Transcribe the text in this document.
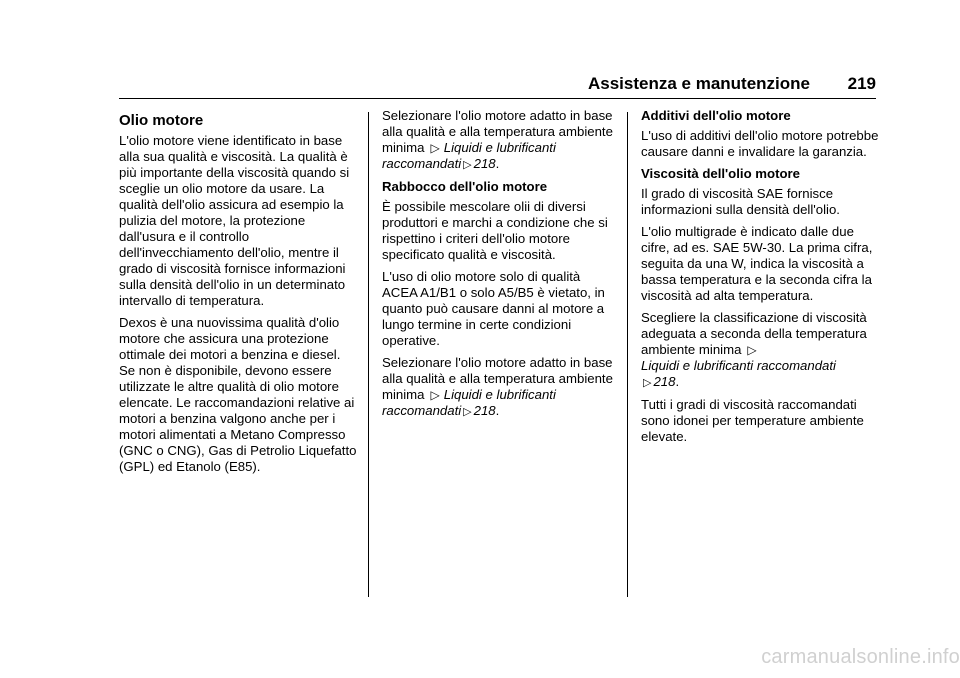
Assistenza e manutenzione 219
Olio motore

L'olio motore viene identificato in base alla sua qualità e viscosità. La qualità è più importante della viscosità quando si sceglie un olio motore da usare. La qualità dell'olio assicura ad esempio la pulizia del motore, la protezione dall'usura e il controllo dell'invecchiamento dell'olio, mentre il grado di viscosità fornisce informazioni sulla densità dell'olio in un determinato intervallo di temperatura.

Dexos è una nuovissima qualità d'olio motore che assicura una protezione ottimale dei motori a benzina e diesel. Se non è disponibile, devono essere utilizzate le altre qualità di olio motore elencate. Le raccomandazioni relative ai motori a benzina valgono anche per i motori alimentati a Metano Compresso (GNC o CNG), Gas di Petrolio Liquefatto (GPL) ed Etanolo (E85).

Selezionare l'olio motore adatto in base alla qualità e alla temperatura ambiente minima ▷ Liquidi e lubrificanti raccomandati ▷ 218.

Rabbocco dell'olio motore

È possibile mescolare olii di diversi produttori e marchi a condizione che si rispettino i criteri dell'olio motore specificato qualità e viscosità.

L'uso di olio motore solo di qualità ACEA A1/B1 o solo A5/B5 è vietato, in quanto può causare danni al motore a lungo termine in certe condizioni operative.

Selezionare l'olio motore adatto in base alla qualità e alla temperatura ambiente minima ▷ Liquidi e lubrificanti raccomandati ▷ 218.

Additivi dell'olio motore

L'uso di additivi dell'olio motore potrebbe causare danni e invalidare la garanzia.

Viscosità dell'olio motore

Il grado di viscosità SAE fornisce informazioni sulla densità dell'olio.

L'olio multigrade è indicato dalle due cifre, ad es. SAE 5W-30. La prima cifra, seguita da una W, indica la viscosità a bassa temperatura e la seconda cifra la viscosità ad alta temperatura.

Scegliere la classificazione di viscosità adeguata a seconda della temperatura ambiente minima ▷
Liquidi e lubrificanti raccomandati
▷ 218.

Tutti i gradi di viscosità raccomandati sono idonei per temperature ambiente elevate.

carmanualsonline.info
